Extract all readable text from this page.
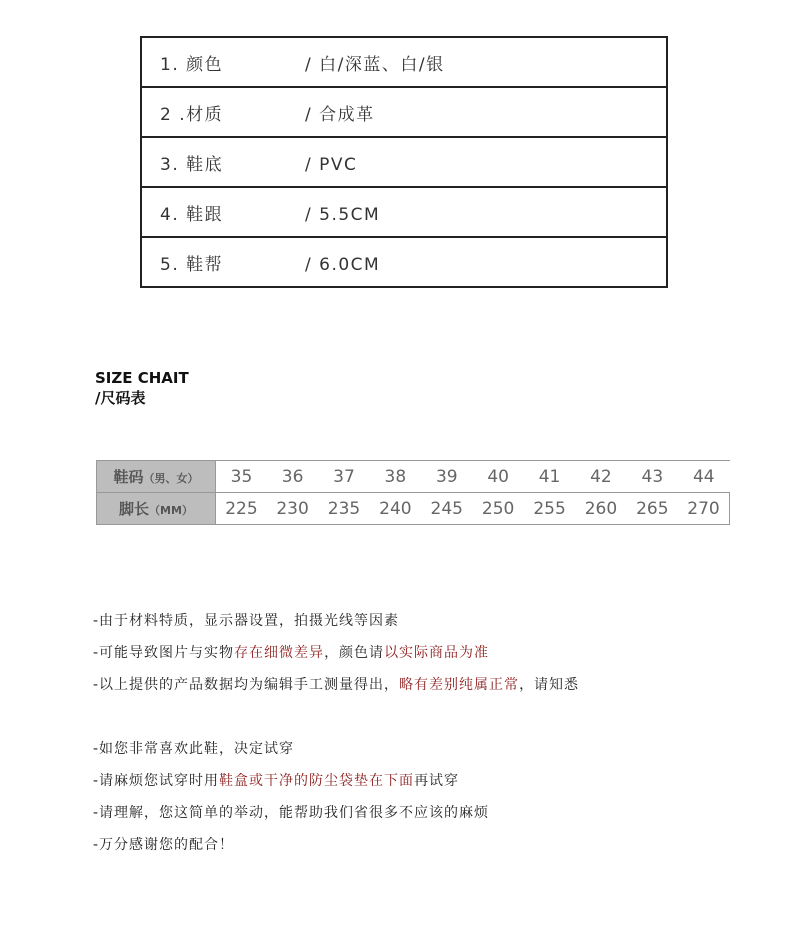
1. 颜色	/ 白/深蓝、白/银
2 .材质	/ 合成革
3. 鞋底	/ PVC
4. 鞋跟	/ 5.5CM
5. 鞋帮	/ 6.0CM
SIZE CHAIT
/尺码表
鞋码（男、女）	35	36	37	38	39	40	41	42	43	44
脚长（MM）	225	230	235	240	245	250	255	260	265	270
-由于材料特质，显示器设置，拍摄光线等因素
-可能导致图片与实物存在细微差异，颜色请以实际商品为准
-以上提供的产品数据均为编辑手工测量得出，略有差别纯属正常，请知悉
-如您非常喜欢此鞋，决定试穿
-请麻烦您试穿时用鞋盒或干净的防尘袋垫在下面再试穿
-请理解，您这简单的举动，能帮助我们省很多不应该的麻烦
-万分感谢您的配合！
